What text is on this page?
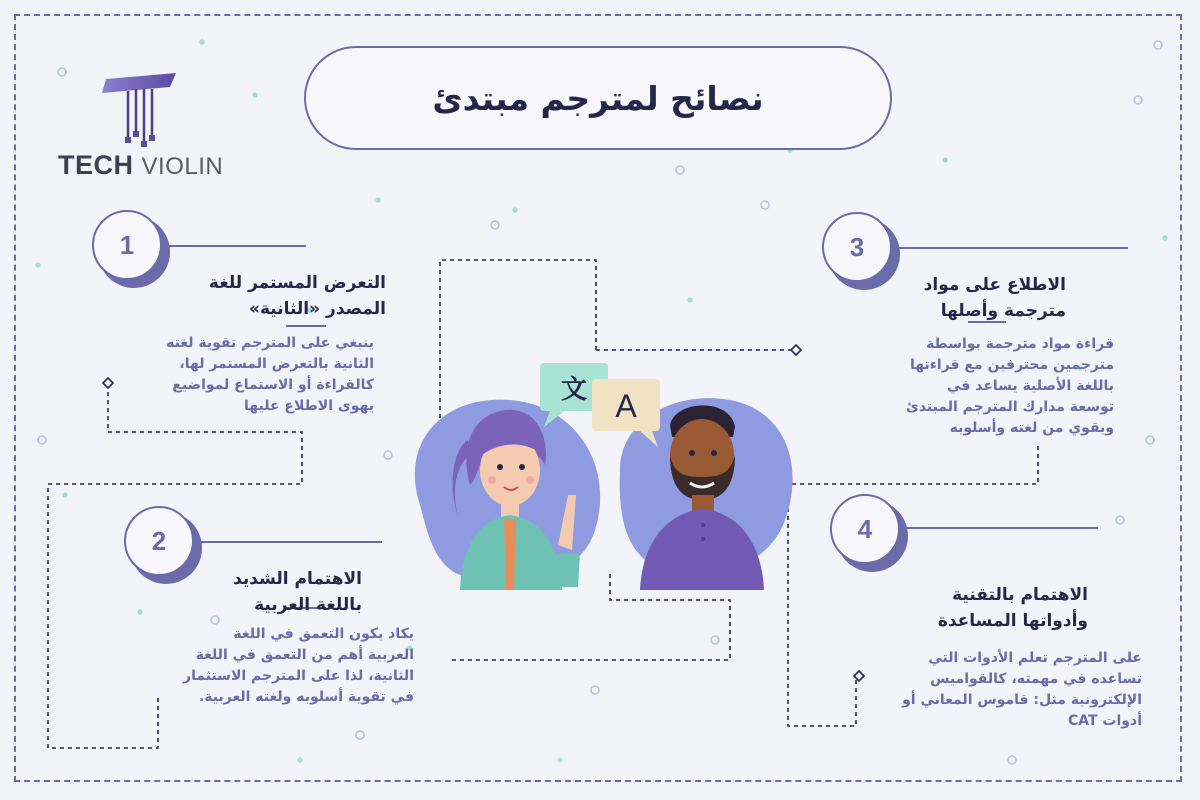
TECH VIOLIN
نصائح لمترجم مبتدئ
1
التعرض المستمر للغة
المصدر «الثانية»
ينبغي على المترجم تقوية لغته
الثانية بالتعرض المستمر لها،
كالقراءة أو الاستماع لمواضيع
يهوى الاطلاع عليها
2
الاهتمام الشديد
باللغة العربية
يكاد يكون التعمق في اللغة
العربية أهم من التعمق في اللغة
الثانية، لذا على المترجم الاستثمار
في تقوية أسلوبه ولغته العربية.
3
الاطلاع على مواد
مترجمة وأصلها
قراءة مواد مترجمة بواسطة
مترجمين محترفين مع قراءتها
باللغة الأصلية يساعد في
توسعة مدارك المترجم المبتدئ
ويقوي من لغته وأسلوبه
4
الاهتمام بالتقنية
وأدواتها المساعدة
على المترجم تعلم الأدوات التي
تساعده في مهمته، كالقواميس
الإلكترونية مثل: قاموس المعاني أو
أدوات CAT
文 A
